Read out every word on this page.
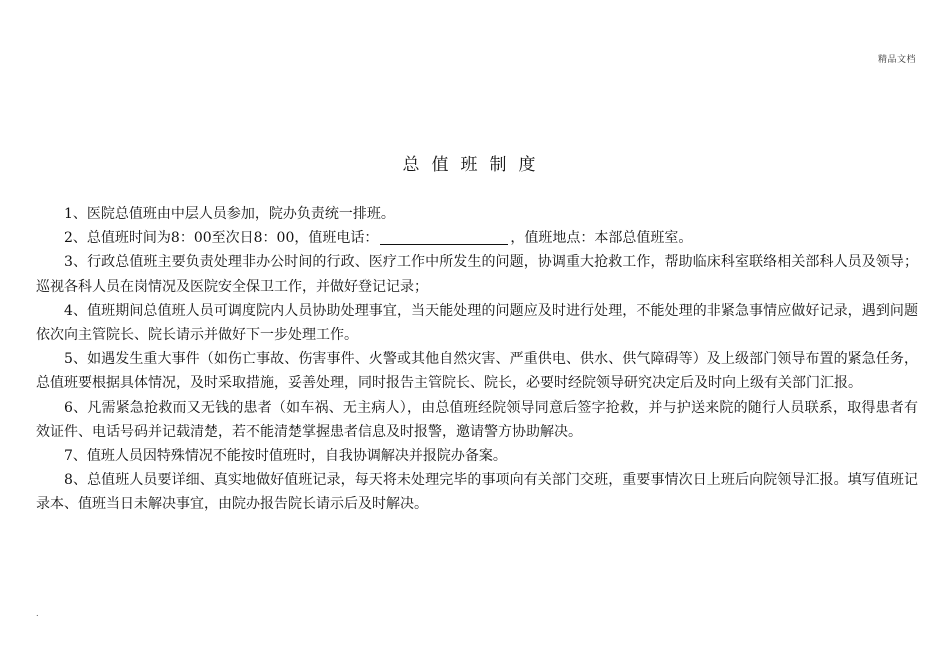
精品文档
总值班制度

1、医院总值班由中层人员参加，院办负责统一排班。

2、总值班时间为8：00至次日8：00，值班电话：	，值班地点：本部总值班室。

3、行政总值班主要负责处理非办公时间的行政、医疗工作中所发生的问题，协调重大抢救工作，帮助临床科室联络相关部科人员及领导；巡视各科人员在岗情况及医院安全保卫工作，并做好登记记录；

4、值班期间总值班人员可调度院内人员协助处理事宜，当天能处理的问题应及时进行处理，不能处理的非紧急事情应做好记录，遇到问题依次向主管院长、院长请示并做好下一步处理工作。

5、如遇发生重大事件（如伤亡事故、伤害事件、火警或其他自然灾害、严重供电、供水、供气障碍等）及上级部门领导布置的紧急任务，总值班要根据具体情况，及时采取措施，妥善处理，同时报告主管院长、院长，必要时经院领导研究决定后及时向上级有关部门汇报。

6、凡需紧急抢救而又无钱的患者（如车祸、无主病人），由总值班经院领导同意后签字抢救，并与护送来院的随行人员联系，取得患者有效证件、电话号码并记载清楚，若不能清楚掌握患者信息及时报警，邀请警方协助解决。

7、值班人员因特殊情况不能按时值班时，自我协调解决并报院办备案。

8、总值班人员要详细、真实地做好值班记录，每天将未处理完毕的事项向有关部门交班，重要事情次日上班后向院领导汇报。填写值班记录本、值班当日未解决事宜，由院办报告院长请示后及时解决。

.
